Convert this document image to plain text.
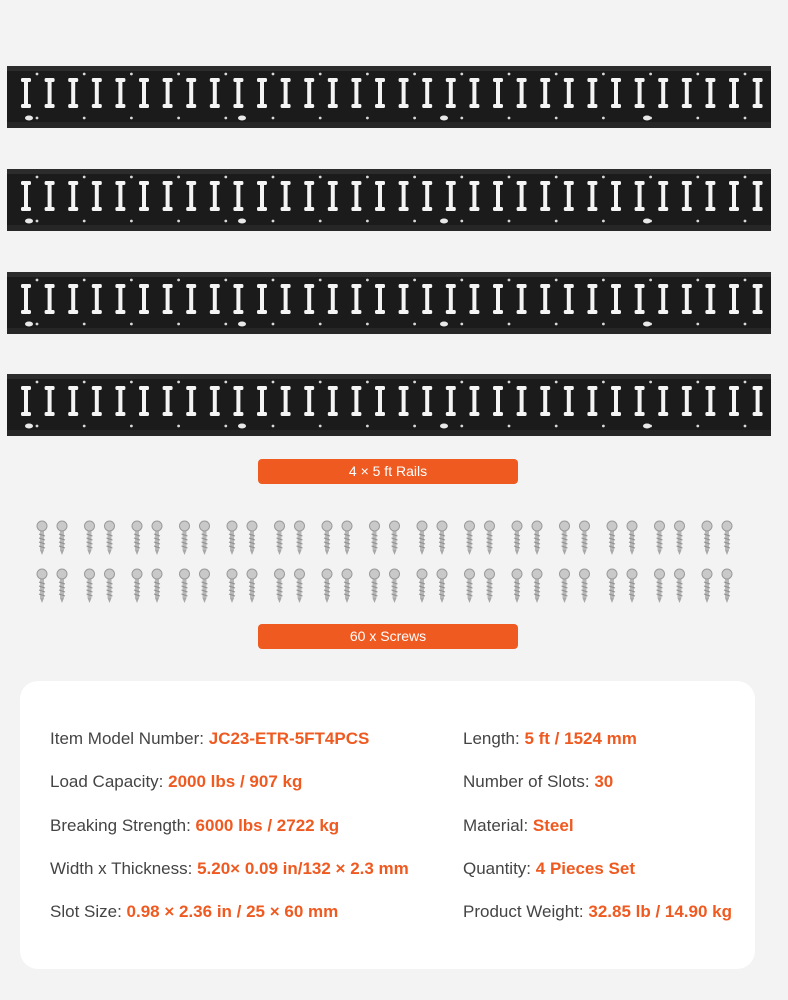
4 × 5 ft Rails
60 x Screws
Item Model Number: JC23-ETR-5FT4PCS
Load Capacity: 2000 lbs / 907 kg
Breaking Strength: 6000 lbs / 2722 kg
Width x Thickness: 5.20× 0.09 in/132 × 2.3 mm
Slot Size: 0.98 × 2.36 in / 25 × 60 mm
Length: 5 ft / 1524 mm
Number of Slots: 30
Material: Steel
Quantity: 4 Pieces Set
Product Weight: 32.85 lb / 14.90 kg
